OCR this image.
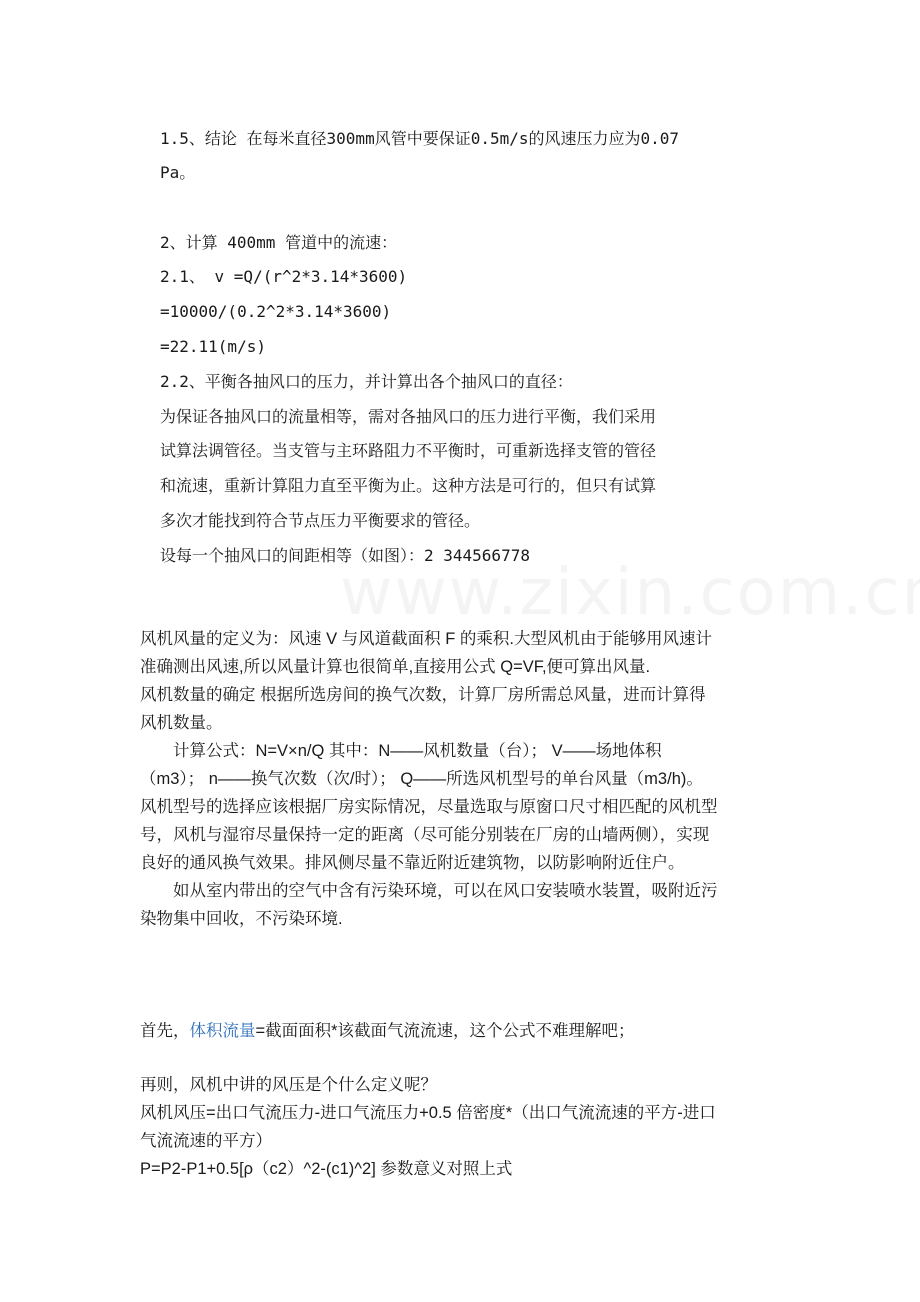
1.5、结论 在每米直径300mm风管中要保证0.5m/s的风速压力应为0.07
Pa。
2、计算 400mm 管道中的流速：
2.1、 v =Q/(r^2*3.14*3600)
=10000/(0.2^2*3.14*3600)
=22.11(m/s)
2.2、平衡各抽风口的压力，并计算出各个抽风口的直径：
为保证各抽风口的流量相等，需对各抽风口的压力进行平衡，我们采用
试算法调管径。当支管与主环路阻力不平衡时，可重新选择支管的管径
和流速，重新计算阻力直至平衡为止。这种方法是可行的，但只有试算
多次才能找到符合节点压力平衡要求的管径。
设每一个抽风口的间距相等（如图）：2 344566778
风机风量的定义为：风速 V 与风道截面积 F 的乘积.大型风机由于能够用风速计
准确测出风速,所以风量计算也很简单,直接用公式 Q=VF,便可算出风量.
风机数量的确定 根据所选房间的换气次数，计算厂房所需总风量，进而计算得
风机数量。
　　计算公式：N=V×n/Q 其中：N——风机数量（台）； V——场地体积
（m3）； n——换气次数（次/时）； Q——所选风机型号的单台风量（m3/h)。
风机型号的选择应该根据厂房实际情况，尽量选取与原窗口尺寸相匹配的风机型
号，风机与湿帘尽量保持一定的距离（尽可能分别装在厂房的山墙两侧），实现
良好的通风换气效果。排风侧尽量不靠近附近建筑物，以防影响附近住户。
　　如从室内带出的空气中含有污染环境，可以在风口安装喷水装置，吸附近污
染物集中回收，不污染环境.
首先，体积流量=截面面积*该截面气流流速，这个公式不难理解吧；
再则，风机中讲的风压是个什么定义呢？
风机风压=出口气流压力-进口气流压力+0.5 倍密度*（出口气流流速的平方-进口
气流流速的平方）
P=P2-P1+0.5[ρ（c2）^2-(c1)^2] 参数意义对照上式
